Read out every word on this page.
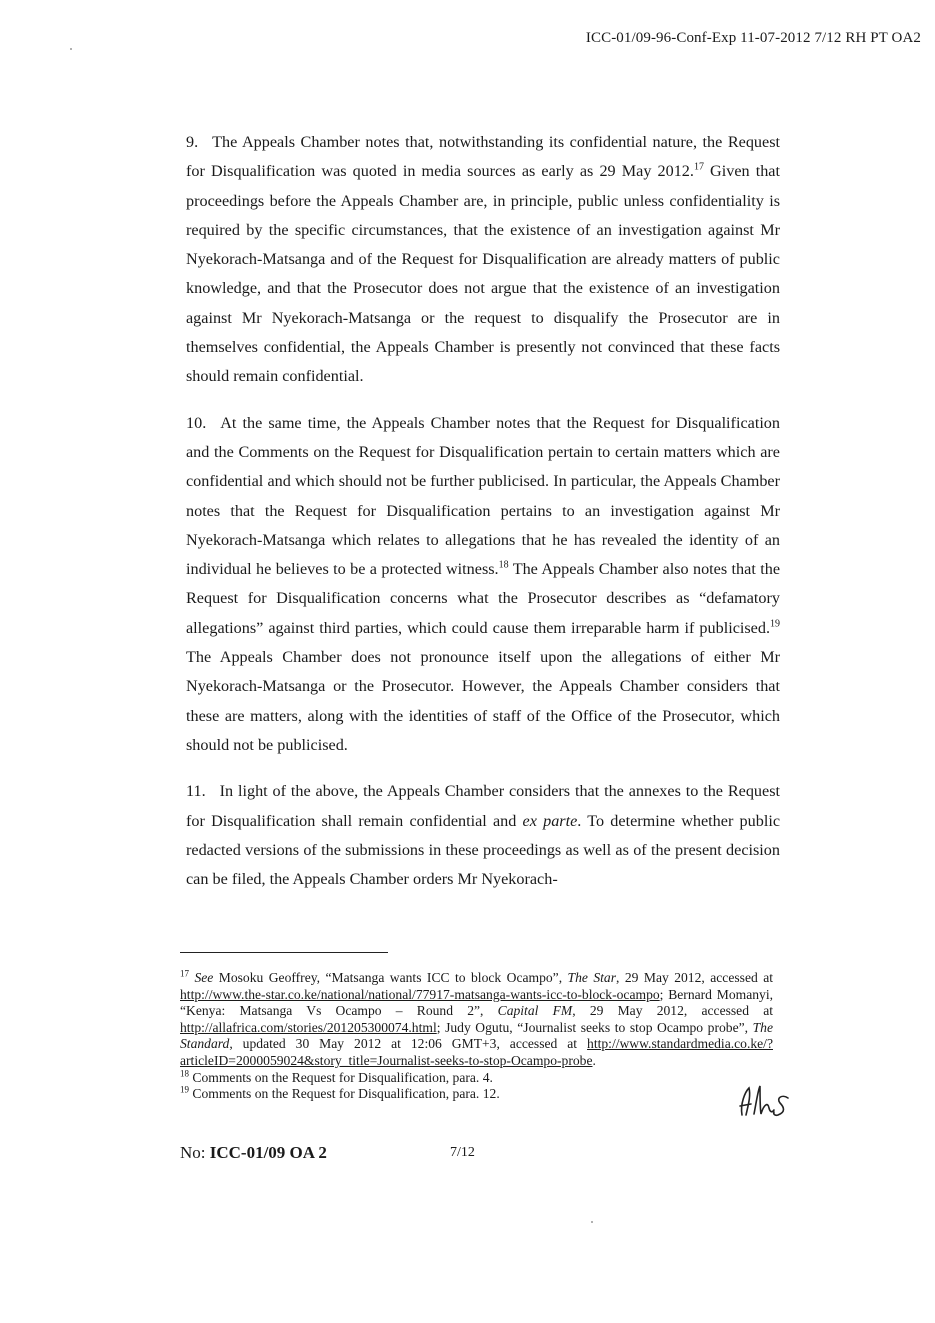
ICC-01/09-96-Conf-Exp 11-07-2012 7/12 RH PT OA2

9. The Appeals Chamber notes that, notwithstanding its confidential nature, the Request for Disqualification was quoted in media sources as early as 29 May 2012.17 Given that proceedings before the Appeals Chamber are, in principle, public unless confidentiality is required by the specific circumstances, that the existence of an investigation against Mr Nyekorach-Matsanga and of the Request for Disqualification are already matters of public knowledge, and that the Prosecutor does not argue that the existence of an investigation against Mr Nyekorach-Matsanga or the request to disqualify the Prosecutor are in themselves confidential, the Appeals Chamber is presently not convinced that these facts should remain confidential.

10. At the same time, the Appeals Chamber notes that the Request for Disqualification and the Comments on the Request for Disqualification pertain to certain matters which are confidential and which should not be further publicised. In particular, the Appeals Chamber notes that the Request for Disqualification pertains to an investigation against Mr Nyekorach-Matsanga which relates to allegations that he has revealed the identity of an individual he believes to be a protected witness.$^{18}$ The Appeals Chamber also notes that the Request for Disqualification concerns what the Prosecutor describes as “defamatory allegations” against third parties, which could cause them irreparable harm if publicised.$^{19}$ The Appeals Chamber does not pronounce itself upon the allegations of either Mr Nyekorach-Matsanga or the Prosecutor. However, the Appeals Chamber considers that these are matters, along with the identities of staff of the Office of the Prosecutor, which should not be publicised.

11. In light of the above, the Appeals Chamber considers that the annexes to the Request for Disqualification shall remain confidential and ex parte. To determine whether public redacted versions of the submissions in these proceedings as well as of the present decision can be filed, the Appeals Chamber orders Mr Nyekorach-

$^{17}$ See Mosoku Geoffrey, “Matsanga wants ICC to block Ocampo”, The Star, 29 May 2012, accessed at http://www.the-star.co.ke/national/national/77917-matsanga-wants-icc-to-block-ocampo; Bernard Momanyi, “Kenya: Matsanga Vs Ocampo – Round 2”, Capital FM, 29 May 2012, accessed at http://allafrica.com/stories/201205300074.html; Judy Ogutu, “Journalist seeks to stop Ocampo probe”, The Standard, updated 30 May 2012 at 12:06 GMT+3, accessed at http://www.standardmedia.co.ke/?articleID=2000059024&story_title=Journalist-seeks-to-stop-Ocampo-probe.

$^{18}$ Comments on the Request for Disqualification, para. 4.

$^{19}$ Comments on the Request for Disqualification, para. 12.

No: ICC-01/09 OA 2	7/12
